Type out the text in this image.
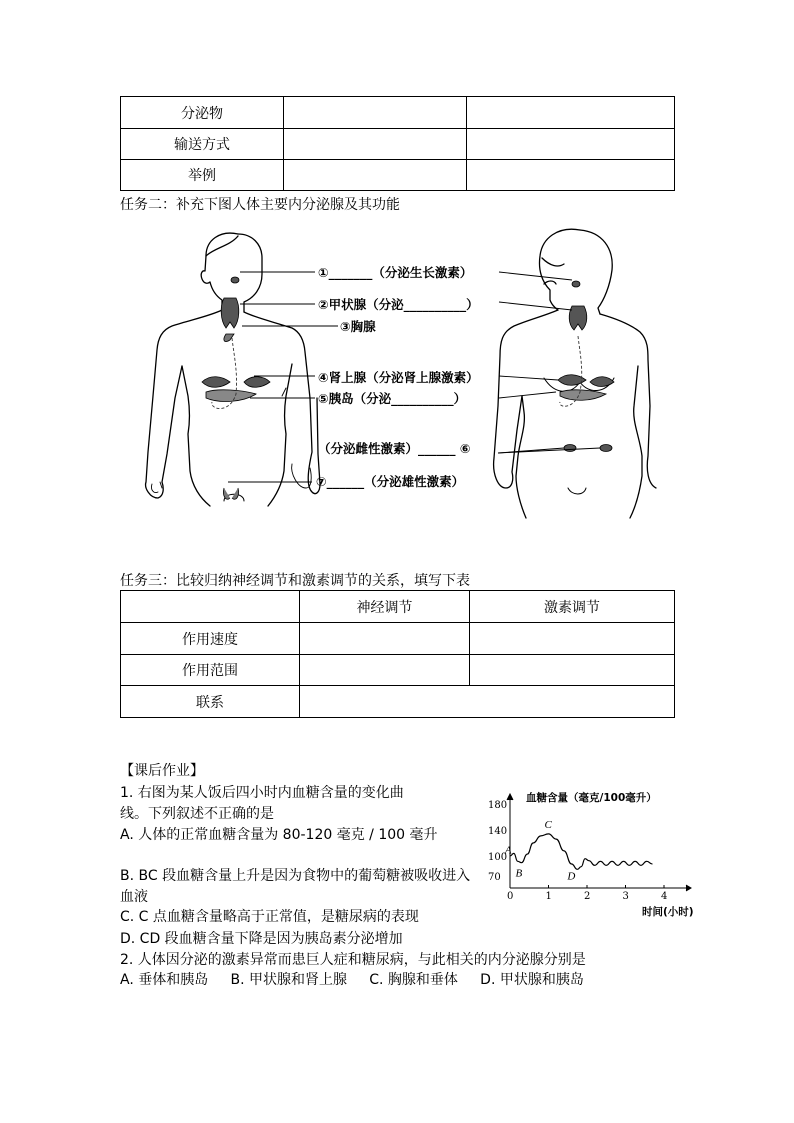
分泌物		
输送方式		
举例		
任务二：补充下图人体主要内分泌腺及其功能
①_______（分泌生长激素）
②甲状腺（分泌__________）
③胸腺
④肾上腺（分泌肾上腺激素）
⑤胰岛（分泌__________）
（分泌雌性激素）______ ⑥
⑦______（分泌雄性激素）
任务三：比较归纳神经调节和激素调节的关系，填写下表
	神经调节	激素调节
作用速度		
作用范围		
联系		
【课后作业】
1. 右图为某人饭后四小时内血糖含量的变化曲
线。下列叙述不正确的是
A. 人体的正常血糖含量为 80-120 毫克 / 100 毫升
B. BC 段血糖含量上升是因为食物中的葡萄糖被吸收进入血液
C. C 点血糖含量略高于正常值，是糖尿病的表现
D. CD 段血糖含量下降是因为胰岛素分泌增加
2. 人体因分泌的激素异常而患巨人症和糖尿病，与此相关的内分泌腺分别是
A. 垂体和胰岛     B. 甲状腺和肾上腺     C. 胸腺和垂体     D. 甲状腺和胰岛
血糖含量（毫克/100毫升）
0	1	2	3	4
70
100
140
180
A
B
C
D
时间(小时)
